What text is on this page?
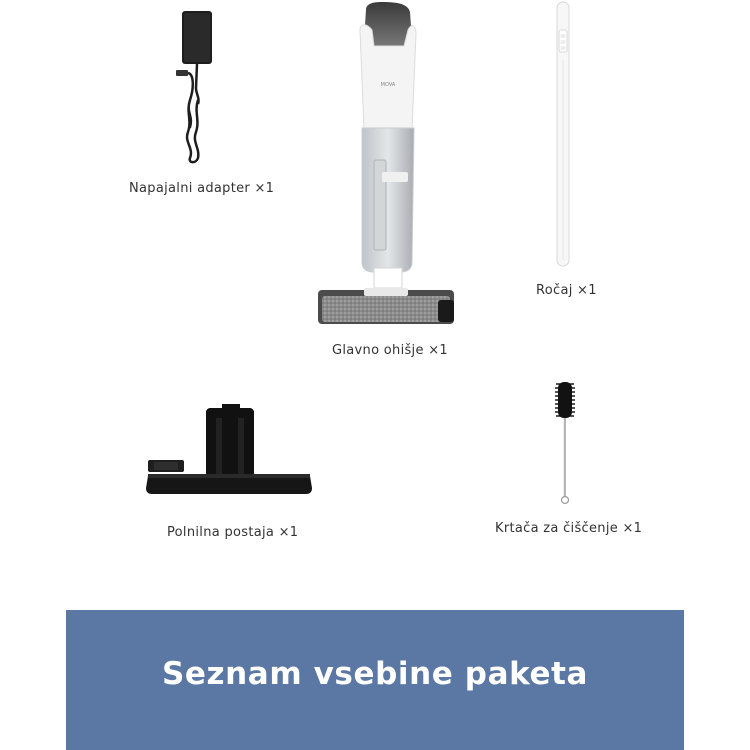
Napajalni adapter ×1
MOVA
Glavno ohišje ×1
Ročaj ×1
Polnilna postaja ×1	Krtača za čiščenje ×1
Seznam vsebine paketa
